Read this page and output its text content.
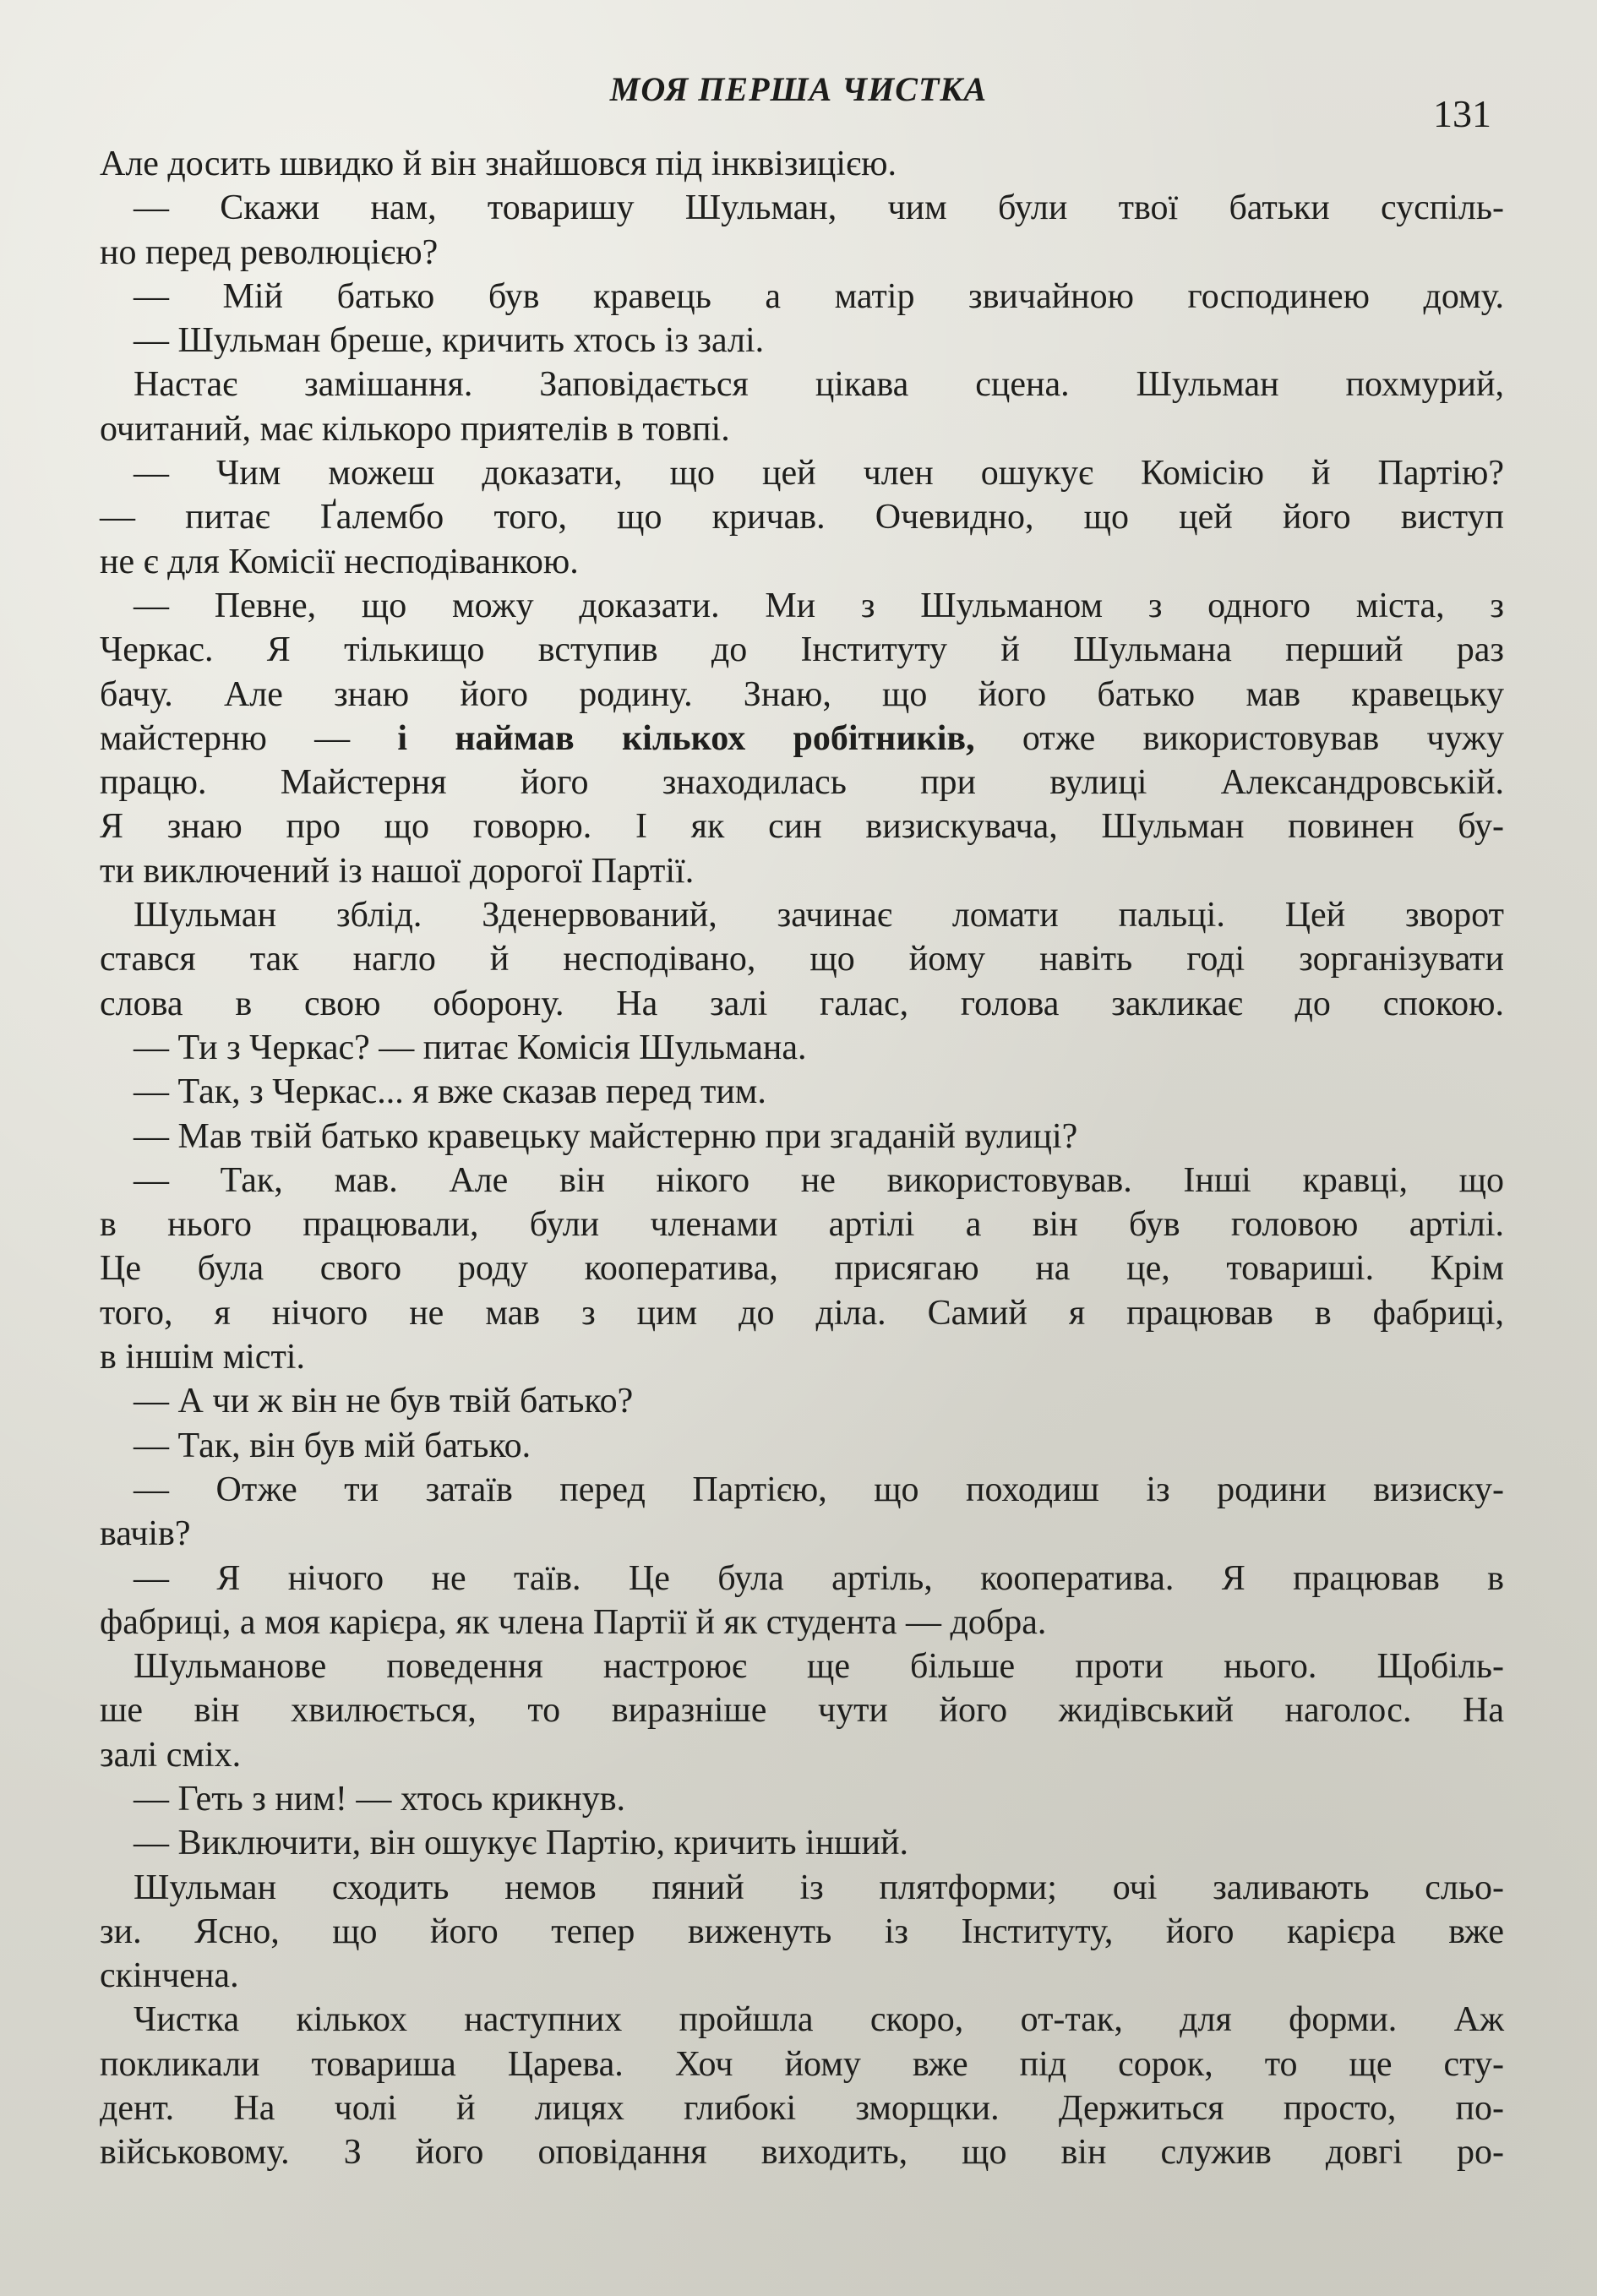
МОЯ ПЕРША ЧИСТКА
131
Але досить швидко й він знайшовся під інквізицією.
— Скажи нам, товаришу Шульман, чим були твої батьки суспіль-
но перед революцією?
— Мій батько був кравець а матір звичайною господинею дому.
— Шульман бреше, кричить хтось із залі.
Настає замішання. Заповідається цікава сцена. Шульман похмурий,
очитаний, має кількоро приятелів в товпі.
— Чим можеш доказати, що цей член ошукує Комісію й Партію?
— питає Ґалембо того, що кричав. Очевидно, що цей його виступ
не є для Комісії несподіванкою.
— Певне, що можу доказати. Ми з Шульманом з одного міста, з
Черкас. Я тількищо вступив до Інституту й Шульмана перший раз
бачу. Але знаю його родину. Знаю, що його батько мав кравецьку
майстерню — і наймав кількох робітників, отже використовував чужу
працю. Майстерня його знаходилась при вулиці Александровській.
Я знаю про що говорю. І як син визискувача, Шульман повинен бу-
ти виключений із нашої дорогої Партії.
Шульман зблід. Зденервований, зачинає ломати пальці. Цей зворот
стався так нагло й несподівано, що йому навіть годі зорганізувати
слова в свою оборону. На залі галас, голова закликає до спокою.
— Ти з Черкас? — питає Комісія Шульмана.
— Так, з Черкас... я вже сказав перед тим.
— Мав твій батько кравецьку майстерню при згаданій вулиці?
— Так, мав. Але він нікого не використовував. Інші кравці, що
в нього працювали, були членами артілі а він був головою артілі.
Це була свого роду кооператива, присягаю на це, товариші. Крім
того, я нічого не мав з цим до діла. Самий я працював в фабриці,
в іншім місті.
— А чи ж він не був твій батько?
— Так, він був мій батько.
— Отже ти затаїв перед Партією, що походиш із родини визиску-
вачів?
— Я нічого не таїв. Це була артіль, кооператива. Я працював в
фабриці, а моя карієра, як члена Партії й як студента — добра.
Шульманове поведення настроює ще більше проти нього. Щобіль-
ше він хвилюється, то виразніше чути його жидівський наголос. На
залі сміх.
— Геть з ним! — хтось крикнув.
— Виключити, він ошукує Партію, кричить інший.
Шульман сходить немов пяний із плятформи; очі заливають сльо-
зи. Ясно, що його тепер виженуть із Інституту, його карієра вже
скінчена.
Чистка кількох наступних пройшла скоро, от-так, для форми. Аж
покликали товариша Царева. Хоч йому вже під сорок, то ще сту-
дент. На чолі й лицях глибокі зморщки. Держиться просто, по-
військовому. З його оповідання виходить, що він служив довгі ро-
